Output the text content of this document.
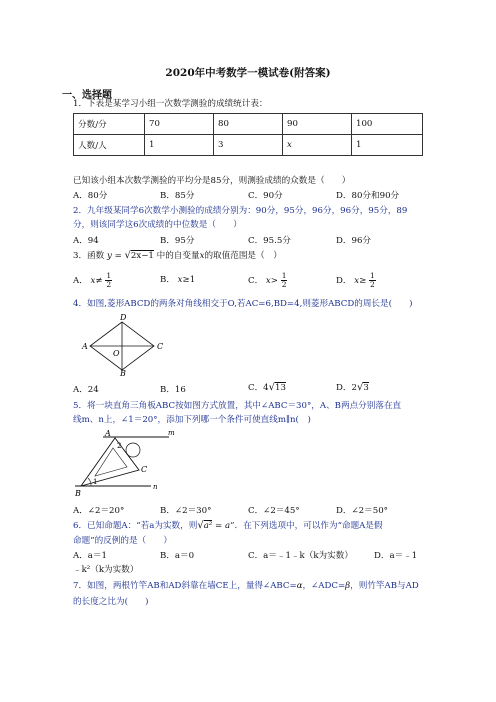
2020年中考数学一模试卷(附答案)
一、选择题
1．下表是某学习小组一次数学测验的成绩统计表：
分数/分	70	80	90	100
人数/人	1	3	x	1
已知该小组本次数学测验的平均分是85分，则测验成绩的众数是（　　）
A．80分	B．85分	C．90分	D．80分和90分
2．九年级某同学6次数学小测验的成绩分别为：90分，95分，96分，96分，95分，89
分，则该同学这6次成绩的中位数是（　　）
A．94	B．95分	C．95.5分	D．96分
3．函数 y = √2x−1 中的自变量x的取值范围是（　）
A． $x\ne \frac{1}{2}$	B． x≥1	C． $x> \frac{1}{2}$	D． $x\ge \frac{1}{2}$
4．如图,菱形ABCD的两条对角线相交于O,若AC=6,BD=4,则菱形ABCD的周长是(　　)
D
A	C
B
O
A．24	B．16	C．4√13	D．2√3
5．将一块直角三角板ABC按如图方式放置，其中∠ABC＝30°，A、B两点分别落在直
线m、n上，∠1＝20°，添加下列哪一个条件可使直线m∥n(　)
m
n
A
B
C
1
2
A．∠2＝20°	B．∠2＝30°	C．∠2＝45°	D．∠2＝50°
6．已知命题A：“若a为实数，则√a² = a”．在下列选项中，可以作为“命题A是假
命题”的反例的是（　　）
A．a＝1	B．a＝0	C．a＝﹣1﹣k（k为实数） D．a＝﹣1
﹣k²（k为实数）
7．如图，两根竹竿AB和AD斜靠在墙CE上，量得∠ABC=α，∠ADC=β，则竹竿AB与AD
的长度之比为(　　)
